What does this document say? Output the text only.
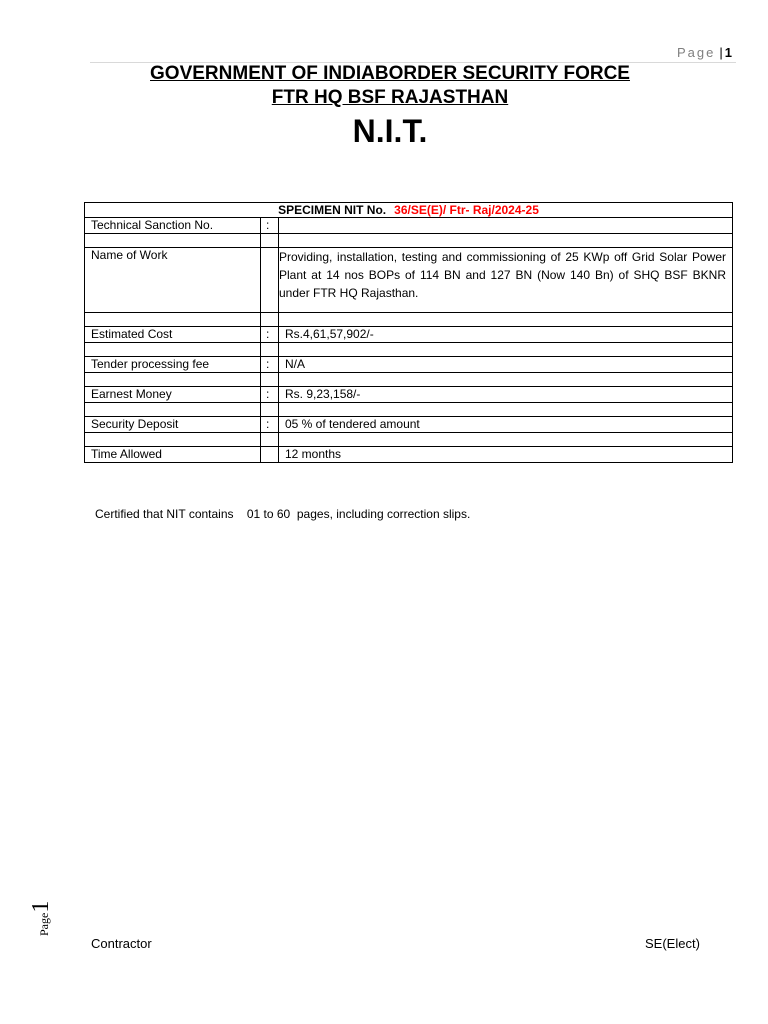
Page | 1
GOVERNMENT OF INDIABORDER SECURITY FORCE
FTR HQ BSF RAJASTHAN
N.I.T.
SPECIMEN NIT No. 36/SE(E)/ Ftr- Raj/2024-25		
Technical Sanction No.	:	

Name of Work		Providing, installation, testing and commissioning of 25 KWp off Grid Solar Power Plant at 14 nos BOPs of 114 BN and 127 BN (Now 140 Bn) of SHQ BSF BKNR under FTR HQ Rajasthan.

Estimated Cost	:	Rs.4,61,57,902/-

Tender processing fee	:	N/A

Earnest Money	:	Rs. 9,23,158/-

Security Deposit	:	05 % of tendered amount

Time Allowed		12 months
Certified that NIT contains    01 to 60  pages, including correction slips.
Page1
Contractor	SE(Elect)
